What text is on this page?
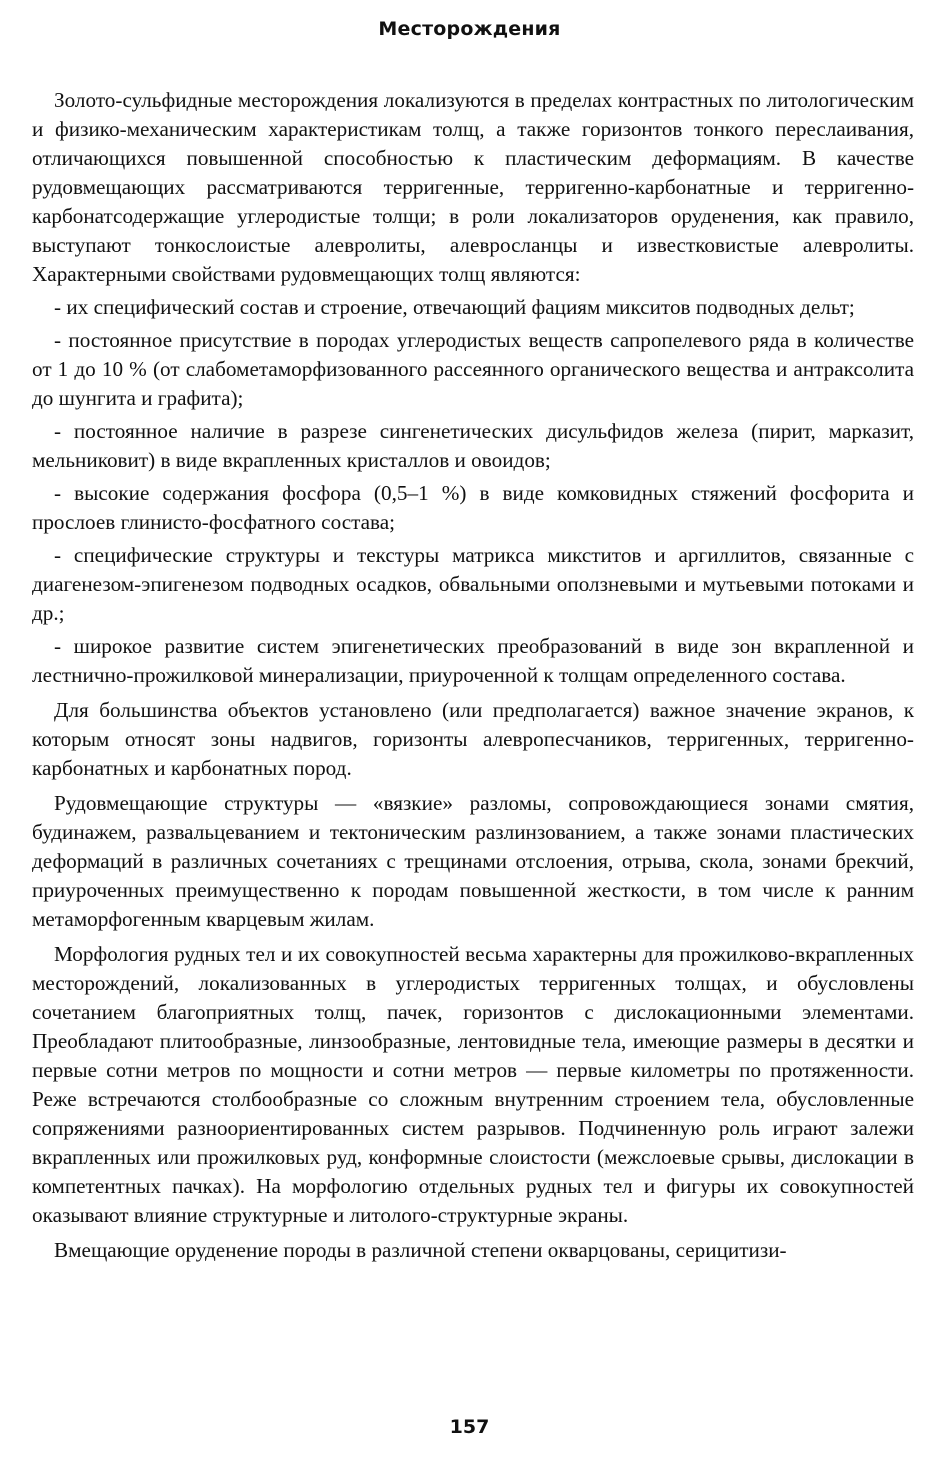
Месторождения

Золото-сульфидные месторождения локализуются в пределах контрастных по литологическим и физико-механическим характеристикам толщ, а также горизонтов тонкого переслаивания, отличающихся повышенной способностью к пластическим деформациям. В качестве рудовмещающих рассматриваются терригенные, терригенно-карбонатные и терригенно-карбонатсодержащие углеродистые толщи; в роли локализаторов оруденения, как правило, выступают тонкослоистые алевролиты, алевросланцы и известковистые алевролиты. Характерными свойствами рудовмещающих толщ являются:

- их специфический состав и строение, отвечающий фациям микситов подводных дельт;

- постоянное присутствие в породах углеродистых веществ сапропелевого ряда в количестве от 1 до 10 % (от слабометаморфизованного рассеянного органического вещества и антраксолита до шунгита и графита);

- постоянное наличие в разрезе сингенетических дисульфидов железа (пирит, марказит, мельниковит) в виде вкрапленных кристаллов и овоидов;

- высокие содержания фосфора (0,5–1 %) в виде комковидных стяжений фосфорита и прослоев глинисто-фосфатного состава;

- специфические структуры и текстуры матрикса микститов и аргиллитов, связанные с диагенезом-эпигенезом подводных осадков, обвальными оползневыми и мутьевыми потоками и др.;

- широкое развитие систем эпигенетических преобразований в виде зон вкрапленной и лестнично-прожилковой минерализации, приуроченной к толщам определенного состава.

Для большинства объектов установлено (или предполагается) важное значение экранов, к которым относят зоны надвигов, горизонты алевропесчаников, терригенных, терригенно-карбонатных и карбонатных пород.

Рудовмещающие структуры — «вязкие» разломы, сопровождающиеся зонами смятия, будинажем, развальцеванием и тектоническим разлинзованием, а также зонами пластических деформаций в различных сочетаниях с трещинами отслоения, отрыва, скола, зонами брекчий, приуроченных преимущественно к породам повышенной жесткости, в том числе к ранним метаморфогенным кварцевым жилам.

Морфология рудных тел и их совокупностей весьма характерны для прожилково-вкрапленных месторождений, локализованных в углеродистых терригенных толщах, и обусловлены сочетанием благоприятных толщ, пачек, горизонтов с дислокационными элементами. Преобладают плитообразные, линзообразные, лентовидные тела, имеющие размеры в десятки и первые сотни метров по мощности и сотни метров — первые километры по протяженности. Реже встречаются столбообразные со сложным внутренним строением тела, обусловленные сопряжениями разноориентированных систем разрывов. Подчиненную роль играют залежи вкрапленных или прожилковых руд, конформные слоистости (межслоевые срывы, дислокации в компетентных пачках). На морфологию отдельных рудных тел и фигуры их совокупностей оказывают влияние структурные и литолого-структурные экраны.

Вмещающие оруденение породы в различной степени окварцованы, серицитизи-

157
